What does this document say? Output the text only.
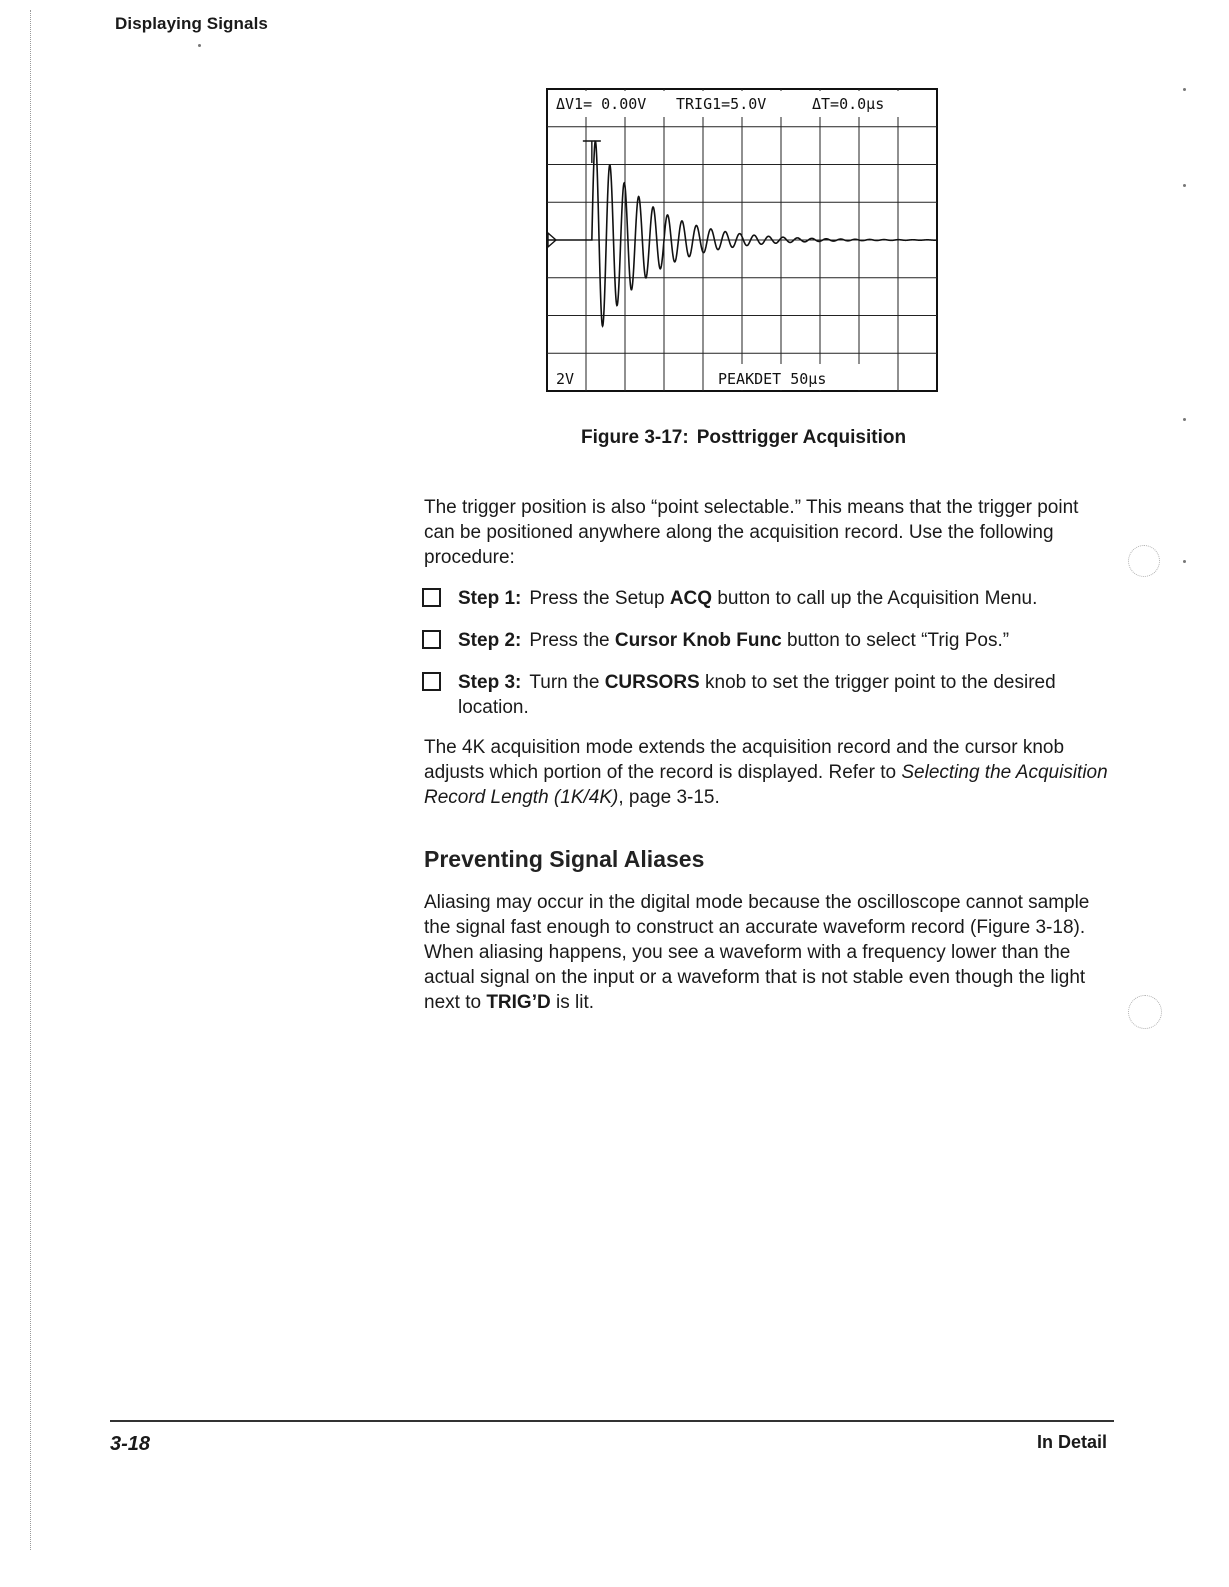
Displaying Signals
ΔV1= 0.00V TRIG1=5.0V	ΔT=0.0µs
2V	PEAKDET 50µs
Figure 3-17: Posttrigger Acquisition

The trigger position is also “point selectable.” This means that the trigger point can be positioned anywhere along the acquisition record. Use the following procedure:

Step 1: Press the Setup ACQ button to call up the Acquisition Menu.
Step 2: Press the Cursor Knob Func button to select “Trig Pos.”
Step 3: Turn the CURSORS knob to set the trigger point to the desired location.

The 4K acquisition mode extends the acquisition record and the cursor knob adjusts which portion of the record is displayed. Refer to Selecting the Acquisition Record Length (1K/4K), page 3-15.

Preventing Signal Aliases

Aliasing may occur in the digital mode because the oscilloscope cannot sample the signal fast enough to construct an accurate waveform record (Figure 3-18). When aliasing happens, you see a waveform with a frequency lower than the actual signal on the input or a waveform that is not stable even though the light next to TRIG’D is lit.

3-18	In Detail
